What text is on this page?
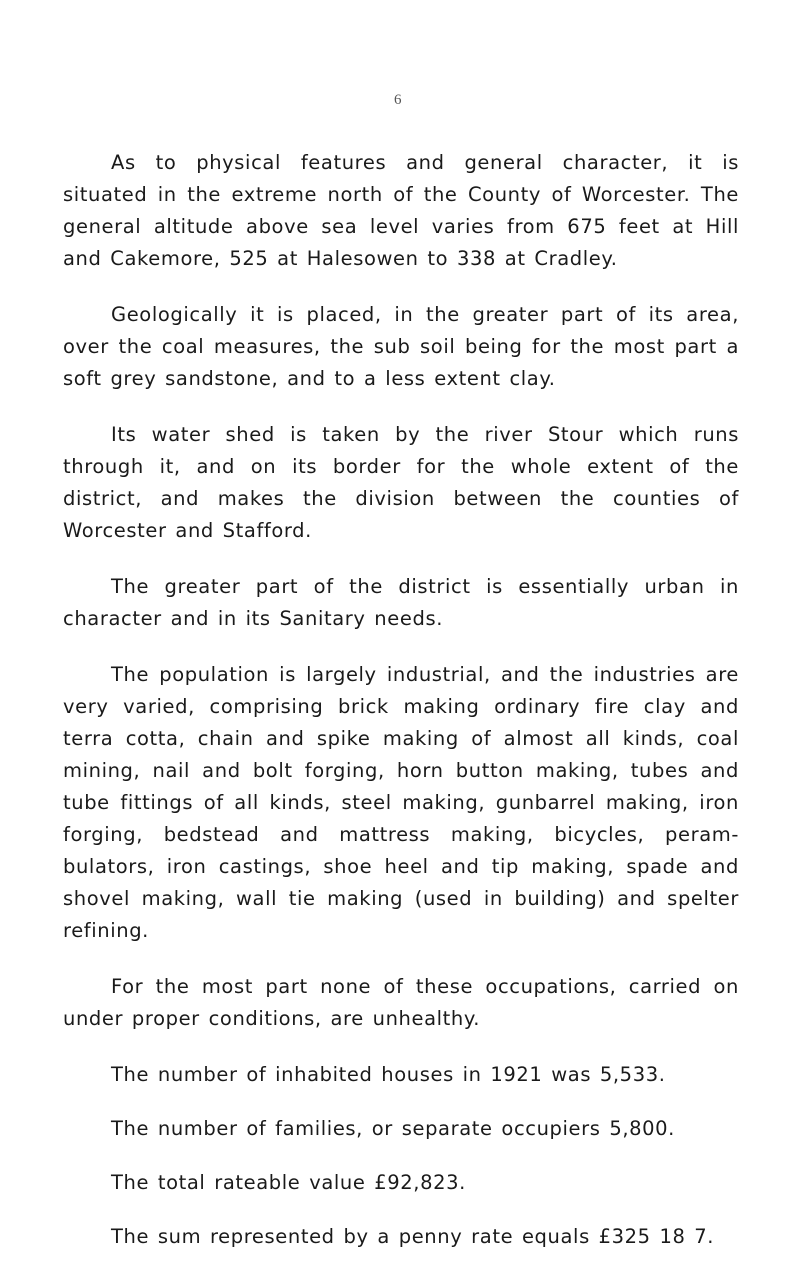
6

As to physical features and general character, it is situated in the extreme north of the County of Worcester. The general altitude above sea level varies from 675 feet at Hill and Cakemore, 525 at Halesowen to 338 at Cradley.

Geologically it is placed, in the greater part of its area, over the coal measures, the sub soil being for the most part a soft grey sandstone, and to a less extent clay.

Its water shed is taken by the river Stour which runs through it, and on its border for the whole extent of the district, and makes the division between the counties of Worcester and Stafford.

The greater part of the district is essentially urban in character and in its Sanitary needs.

The population is largely industrial, and the industries are very varied, comprising brick making ordinary fire clay and terra cotta, chain and spike making of almost all kinds, coal mining, nail and bolt forging, horn button making, tubes and tube fittings of all kinds, steel making, gunbarrel making, iron forging, bedstead and mattress making, bicycles, peram-bulators, iron castings, shoe heel and tip making, spade and shovel making, wall tie making (used in building) and spelter refining.

For the most part none of these occupations, carried on under proper conditions, are unhealthy.

The number of inhabited houses in 1921 was 5,533.

The number of families, or separate occupiers 5,800.

The total rateable value £92,823.

The sum represented by a penny rate equals £325 18 7.
